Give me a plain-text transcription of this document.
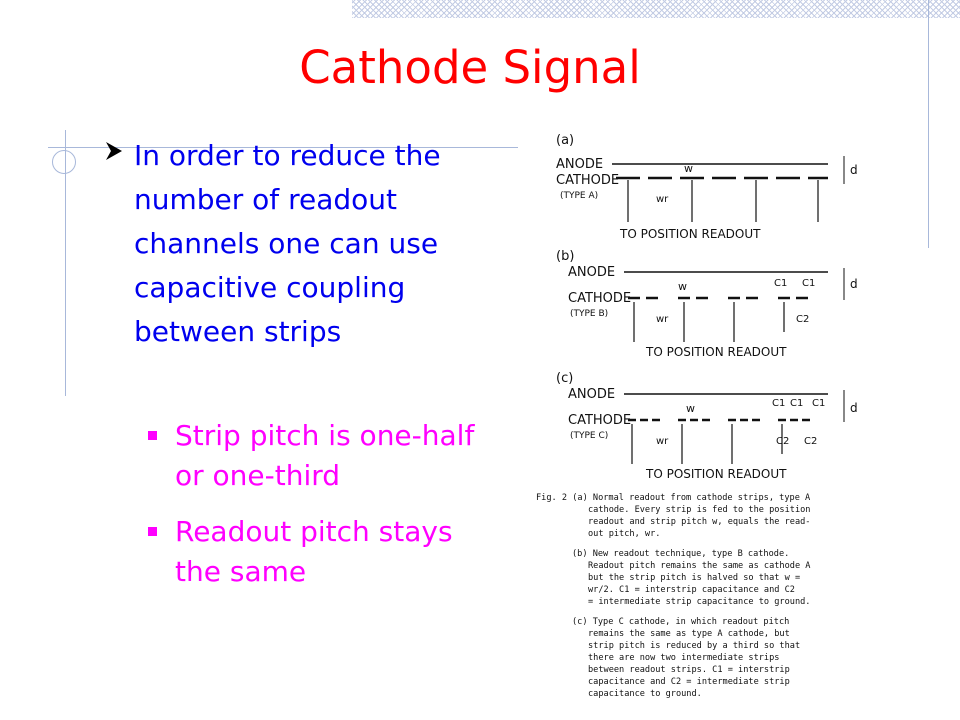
Cathode Signal

In order to reduce the number of readout channels one can use capacitive coupling between strips

Strip pitch is one-half or one-third

Readout pitch stays the same

(a)
ANODE
CATHODE
(TYPE A)
w
wr
d
TO POSITION READOUT
(b)
ANODE
CATHODE
(TYPE B)
w
wr
C1 C1
C2
d
TO POSITION READOUT
(c)
ANODE
CATHODE
(TYPE C)
w
wr
C1 C1 C1
C2 C2
d
TO POSITION READOUT
Fig. 2 (a) Normal readout from cathode strips, type A
cathode. Every strip is fed to the position
readout and strip pitch w, equals the read-
out pitch, wr.
(b) New readout technique, type B cathode.
Readout pitch remains the same as cathode A
but the strip pitch is halved so that w =
wr/2. C1 = interstrip capacitance and C2
= intermediate strip capacitance to ground.
(c) Type C cathode, in which readout pitch
remains the same as type A cathode, but
strip pitch is reduced by a third so that
there are now two intermediate strips
between readout strips. C1 = interstrip
capacitance and C2 = intermediate strip
capacitance to ground.
